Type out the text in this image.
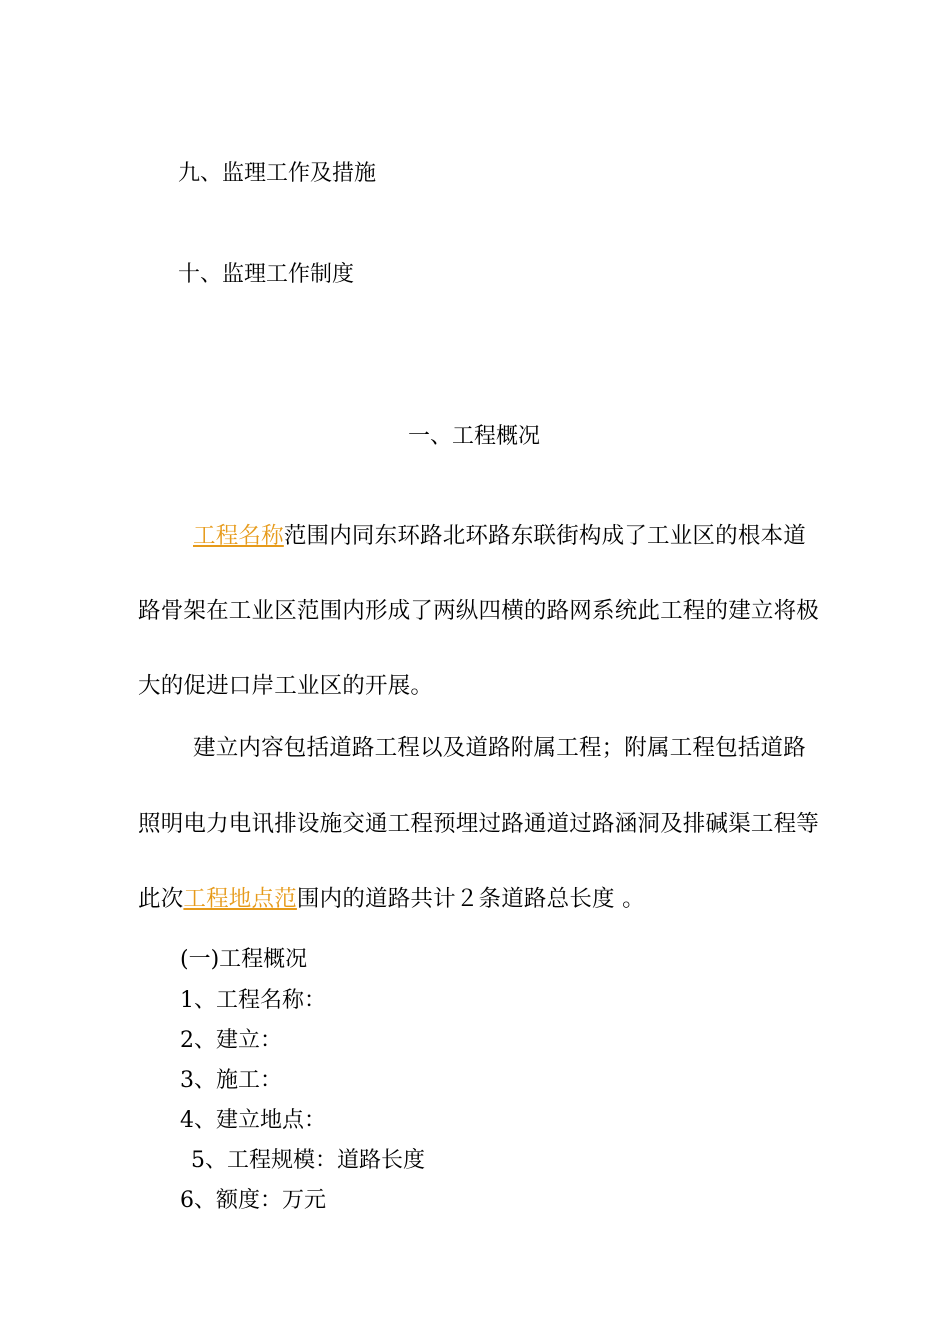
九、监理工作及措施
十、监理工作制度
一、工程概况
工程名称范围内同东环路北环路东联街构成了工业区的根本道
路骨架在工业区范围内形成了两纵四横的路网系统此工程的建立将极
大的促进口岸工业区的开展。
建立内容包括道路工程以及道路附属工程；附属工程包括道路
照明电力电讯排设施交通工程预埋过路通道过路涵洞及排碱渠工程等
此次工程地点范围内的道路共计２条道路总长度 。
(一)工程概况
1、工程名称：
2、建立：
3、施工：
4、建立地点：
5、工程规模：道路长度
6、额度：万元
